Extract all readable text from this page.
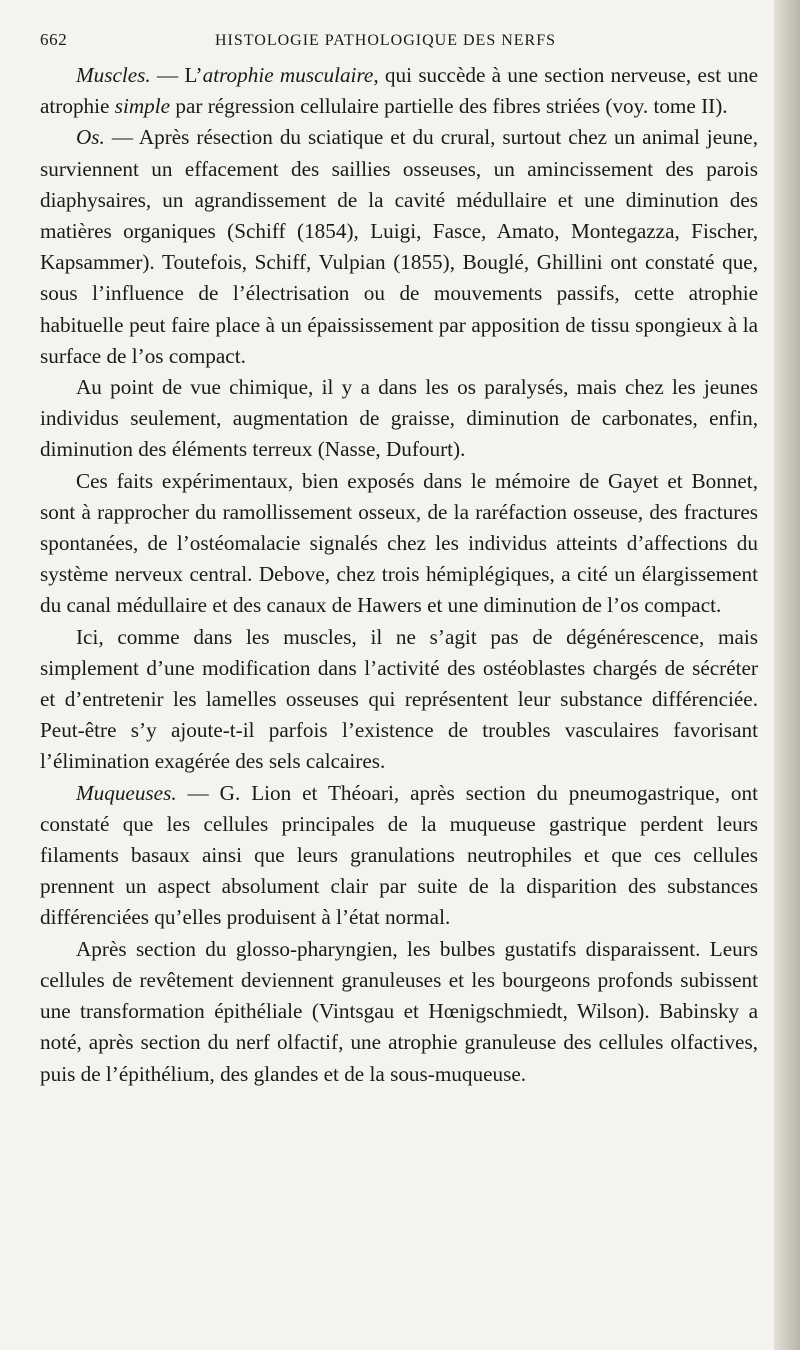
662	HISTOLOGIE PATHOLOGIQUE DES NERFS

Muscles. — L’atrophie musculaire, qui succède à une section nerveuse, est une atrophie simple par régression cellulaire partielle des fibres striées (voy. tome II).

Os. — Après résection du sciatique et du crural, surtout chez un animal jeune, surviennent un effacement des saillies osseuses, un amincissement des parois diaphysaires, un agrandissement de la cavité médullaire et une diminution des matières organiques (Schiff (1854), Luigi, Fasce, Amato, Montegazza, Fischer, Kapsammer). Toutefois, Schiff, Vulpian (1855), Bouglé, Ghillini ont constaté que, sous l’influence de l’électrisation ou de mouvements passifs, cette atrophie habituelle peut faire place à un épaississement par apposition de tissu spongieux à la surface de l’os compact.

Au point de vue chimique, il y a dans les os paralysés, mais chez les jeunes individus seulement, augmentation de graisse, diminution de carbonates, enfin, diminution des éléments terreux (Nasse, Dufourt).

Ces faits expérimentaux, bien exposés dans le mémoire de Gayet et Bonnet, sont à rapprocher du ramollissement osseux, de la raréfaction osseuse, des fractures spontanées, de l’ostéomalacie signalés chez les individus atteints d’affections du système nerveux central. Debove, chez trois hémiplégiques, a cité un élargissement du canal médullaire et des canaux de Hawers et une diminution de l’os compact.

Ici, comme dans les muscles, il ne s’agit pas de dégénérescence, mais simplement d’une modification dans l’activité des ostéoblastes chargés de sécréter et d’entretenir les lamelles osseuses qui représentent leur substance différenciée. Peut-être s’y ajoute-t-il parfois l’existence de troubles vasculaires favorisant l’élimination exagérée des sels calcaires.

Muqueuses. — G. Lion et Théoari, après section du pneumogastrique, ont constaté que les cellules principales de la muqueuse gastrique perdent leurs filaments basaux ainsi que leurs granulations neutrophiles et que ces cellules prennent un aspect absolument clair par suite de la disparition des substances différenciées qu’elles produisent à l’état normal.

Après section du glosso-pharyngien, les bulbes gustatifs disparaissent. Leurs cellules de revêtement deviennent granuleuses et les bourgeons profonds subissent une transformation épithéliale (Vintsgau et Hœnigschmiedt, Wilson). Babinsky a noté, après section du nerf olfactif, une atrophie granuleuse des cellules olfactives, puis de l’épithélium, des glandes et de la sous-muqueuse.
